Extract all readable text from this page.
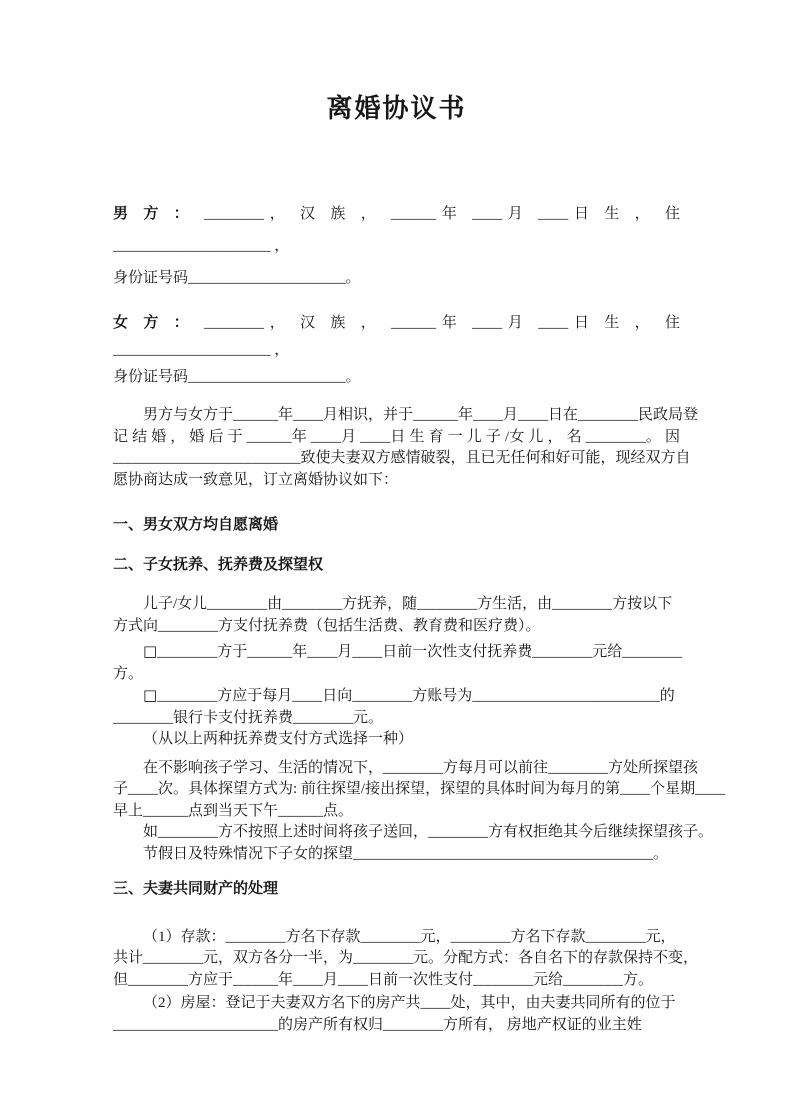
离婚协议书
男 方 ： ________， 汉 族 ， ______年 ____月 ____日 生 ， 住
_____________________ ，
身份证号码_____________________。
女 方 ： ________， 汉 族 ， ______年 ____月 ____日 生 ， 住
_____________________ ，
身份证号码_____________________。
男方与女方于______年____月相识，并于______年____月____日在________民政局登
记 结 婚 ， 婚 后 于 ______年 ____月 ____日 生 育 一 儿 子 /女 儿 ， 名 ________。 因
_________________________致使夫妻双方感情破裂，且已无任何和好可能，现经双方自
愿协商达成一致意见，订立离婚协议如下：
一、男女双方均自愿离婚
二、子女抚养、抚养费及探望权
儿子/女儿________由________方抚养，随________方生活，由________方按以下
方式向________方支付抚养费（包括生活费、教育费和医疗费）。
□________方于______年____月____日前一次性支付抚养费________元给________
方。
□________方应于每月____日向________方账号为_________________________的
________银行卡支付抚养费________元。
（从以上两种抚养费支付方式选择一种）
在不影响孩子学习、生活的情况下，________方每月可以前往________方处所探望孩
子____次。具体探望方式为: 前往探望/接出探望，探望的具体时间为每月的第____个星期____
早上______点到当天下午______点。
如________方不按照上述时间将孩子送回，________方有权拒绝其今后继续探望孩子。
节假日及特殊情况下子女的探望________________________________________。
三、夫妻共同财产的处理
（1）存款：________方名下存款________元，________方名下存款________元，
共计________元，双方各分一半，为________元。分配方式：各自名下的存款保持不变，
但________方应于______年____月____日前一次性支付________元给________方。
（2）房屋：登记于夫妻双方名下的房产共____处，其中，由夫妻共同所有的位于
______________________的房产所有权归________方所有， 房地产权证的业主姓
